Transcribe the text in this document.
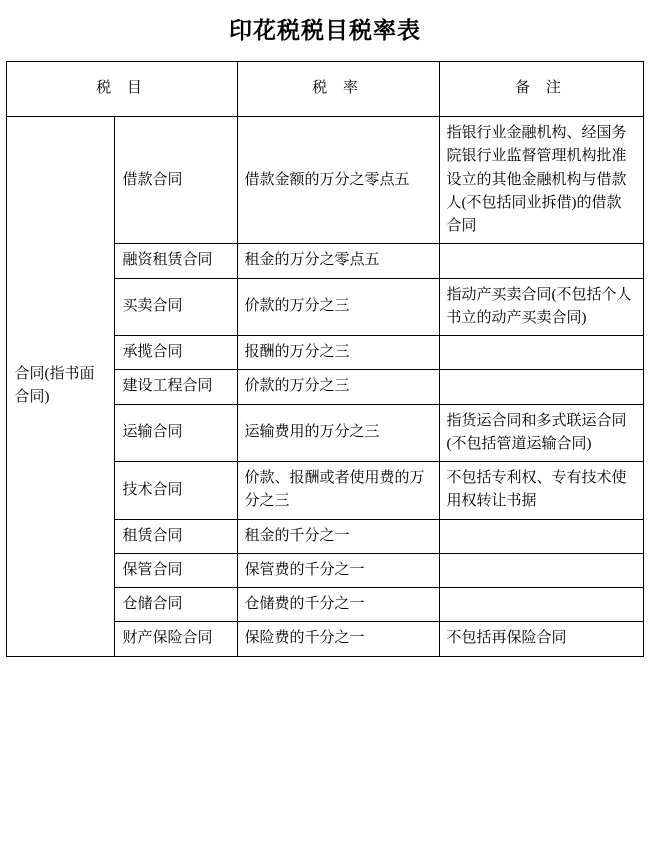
印花税税目税率表
税 目		税 率	备 注
合同(指书面合同)	借款合同	借款金额的万分之零点五	指银行业金融机构、经国务院银行业监督管理机构批准设立的其他金融机构与借款人(不包括同业拆借)的借款合同
	融资租赁合同	租金的万分之零点五	
	买卖合同	价款的万分之三	指动产买卖合同(不包括个人书立的动产买卖合同)
	承揽合同	报酬的万分之三	
	建设工程合同	价款的万分之三	
	运输合同	运输费用的万分之三	指货运合同和多式联运合同(不包括管道运输合同)
	技术合同	价款、报酬或者使用费的万分之三	不包括专利权、专有技术使用权转让书据
	租赁合同	租金的千分之一	
	保管合同	保管费的千分之一	
	仓储合同	仓储费的千分之一	
	财产保险合同	保险费的千分之一	不包括再保险合同
